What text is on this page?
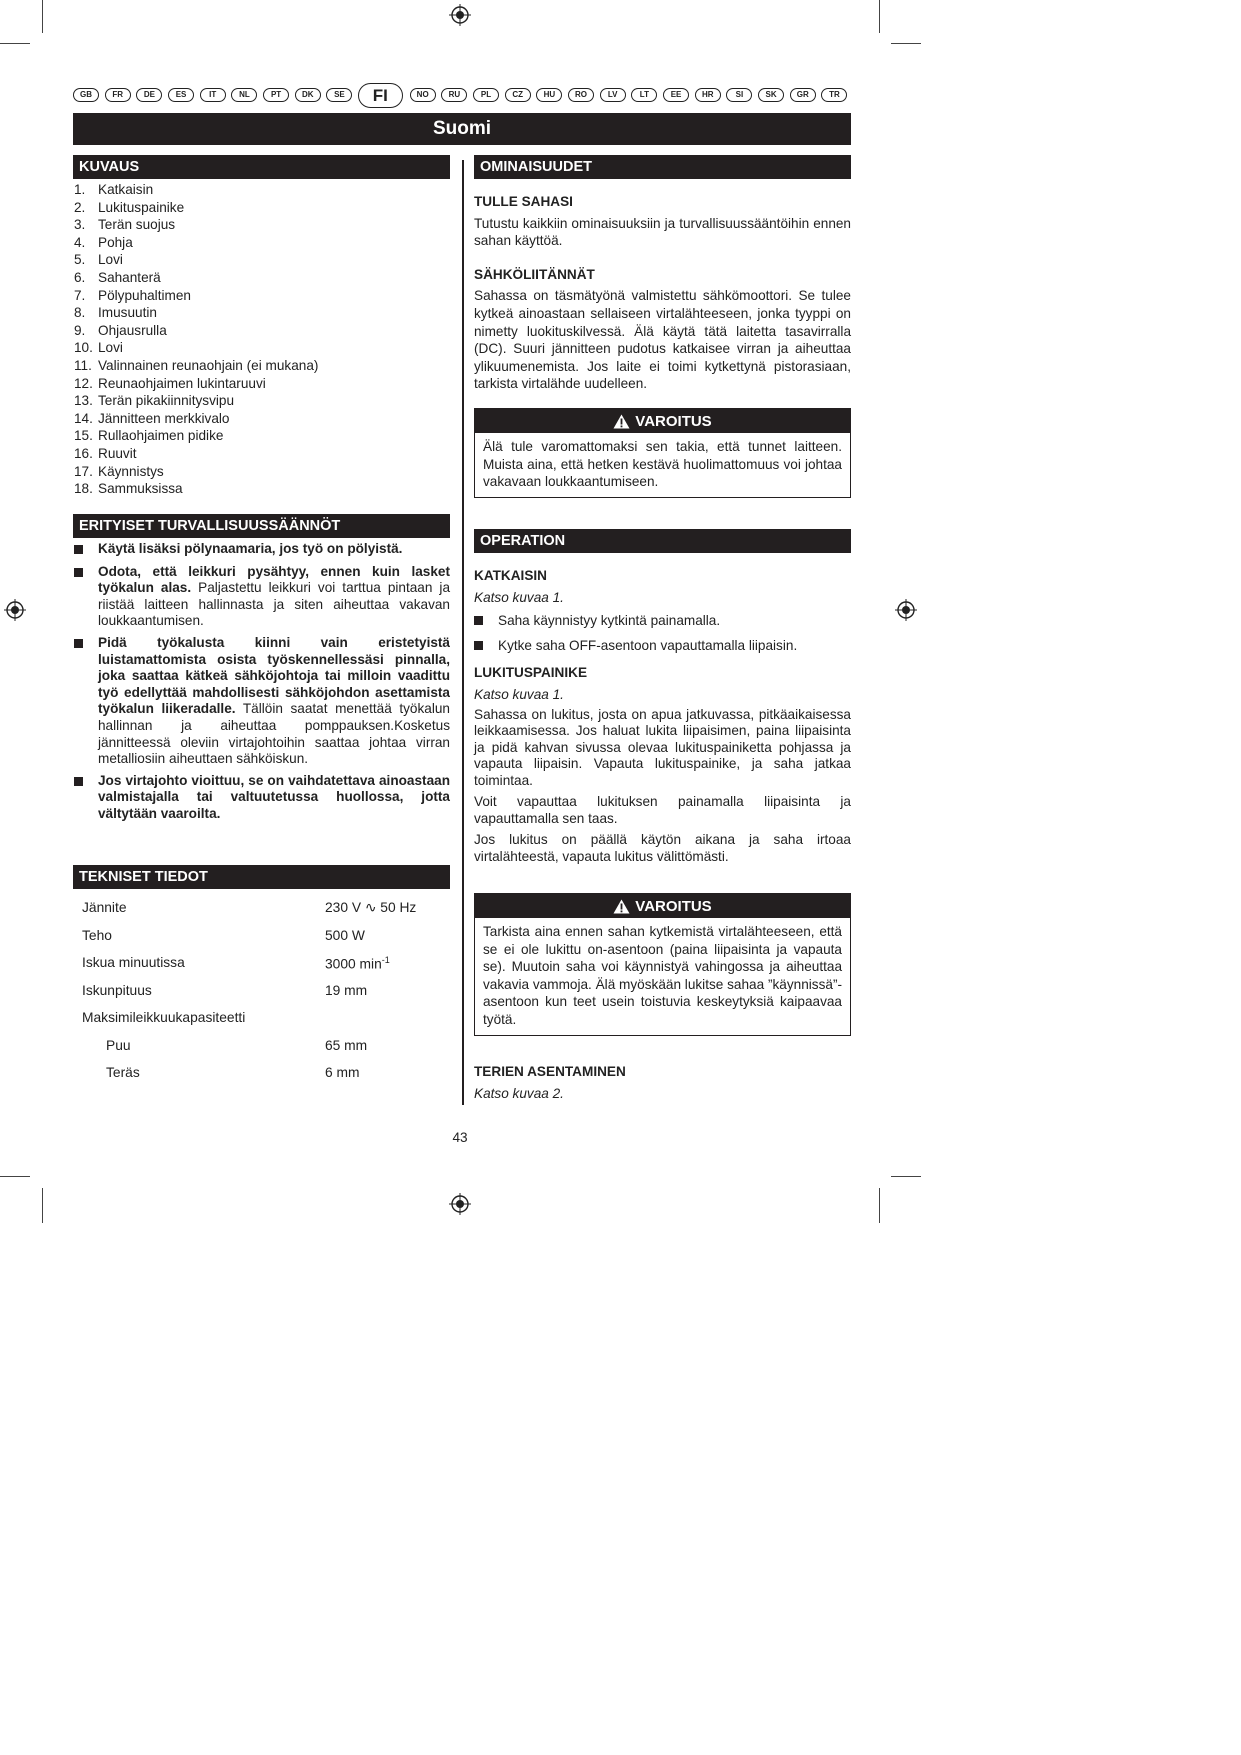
GB	FR	DE	ES	IT	NL	PT	DK	SE	FI	NO	RU	PL	CZ	HU	RO	LV	LT	EE	HR	SI	SK	GR	TR
Suomi
KUVAUS
1. Katkaisin
2. Lukituspainike
3. Terän suojus
4. Pohja
5. Lovi
6. Sahanterä
7. Pölypuhaltimen
8. Imusuutin
9. Ohjausrulla
10. Lovi
11. Valinnainen reunaohjain (ei mukana)
12. Reunaohjaimen lukintaruuvi
13. Terän pikakiinnitysvipu
14. Jännitteen merkkivalo
15. Rullaohjaimen pidike
16. Ruuvit
17. Käynnistys
18. Sammuksissa
ERITYISET TURVALLISUUSSÄÄNNÖT
Käytä lisäksi pölynaamaria, jos työ on pölyistä.
Odota, että leikkuri pysähtyy, ennen kuin lasket työkalun alas. Paljastettu leikkuri voi tarttua pintaan ja riistää laitteen hallinnasta ja siten aiheuttaa vakavan loukkaantumisen.
Pidä työkalusta kiinni vain eristetyistä luistamattomista osista työskennellessäsi pinnalla, joka saattaa kätkeä sähköjohtoja tai milloin vaadittu työ edellyttää mahdollisesti sähköjohdon asettamista työkalun liikeradalle. Tällöin saatat menettää työkalun hallinnan ja aiheuttaa pomppauksen.Kosketus jännitteessä oleviin virtajohtoihin saattaa johtaa virran metalliosiin aiheuttaen sähköiskun.
Jos virtajohto vioittuu, se on vaihdatettava ainoastaan valmistajalla tai valtuutetussa huollossa, jotta vältytään vaaroilta.
TEKNISET TIEDOT
Jännite	230 V ∿ 50 Hz
Teho	500 W
Iskua minuutissa	3000 $\min^{-1}$
Iskunpituus	19 mm
Maksimileikkuukapasiteetti
Puu	65 mm
Teräs	6 mm
OMINAISUUDET

TULLE SAHASI

Tutustu kaikkiin ominaisuuksiin ja turvallisuussääntöihin ennen sahan käyttöä.

SÄHKÖLIITÄNNÄT

Sahassa on täsmätyönä valmistettu sähkömoottori. Se tulee kytkeä ainoastaan sellaiseen virtalähteeseen, jonka tyyppi on nimetty luokituskilvessä. Älä käytä tätä laitetta tasavirralla (DC). Suuri jännitteen pudotus katkaisee virran ja aiheuttaa ylikuumenemista. Jos laite ei toimi kytkettynä pistorasiaan, tarkista virtalähde uudelleen.

VAROITUS
Älä tule varomattomaksi sen takia, että tunnet laitteen. Muista aina, että hetken kestävä huolimattomuus voi johtaa vakavaan loukkaantumiseen.
OPERATION

KATKAISIN

Katso kuvaa 1.

Saha käynnistyy kytkintä painamalla.
Kytke saha OFF-asentoon vapauttamalla liipaisin.

LUKITUSPAINIKE

Katso kuvaa 1.

Sahassa on lukitus, josta on apua jatkuvassa, pitkäaikaisessa leikkaamisessa. Jos haluat lukita liipaisimen, paina liipaisinta ja pidä kahvan sivussa olevaa lukituspainiketta pohjassa ja vapauta liipaisin. Vapauta lukituspainike, ja saha jatkaa toimintaa.

Voit vapauttaa lukituksen painamalla liipaisinta ja vapauttamalla sen taas.

Jos lukitus on päällä käytön aikana ja saha irtoaa virtalähteestä, vapauta lukitus välittömästi.

VAROITUS
Tarkista aina ennen sahan kytkemistä virtalähteeseen, että se ei ole lukittu on-asentoon (paina liipaisinta ja vapauta se). Muutoin saha voi käynnistyä vahingossa ja aiheuttaa vakavia vammoja. Älä myöskään lukitse sahaa ”käynnissä”-asentoon kun teet usein toistuvia keskeytyksiä kaipaavaa työtä.

TERIEN ASENTAMINEN

Katso kuvaa 2.

43
